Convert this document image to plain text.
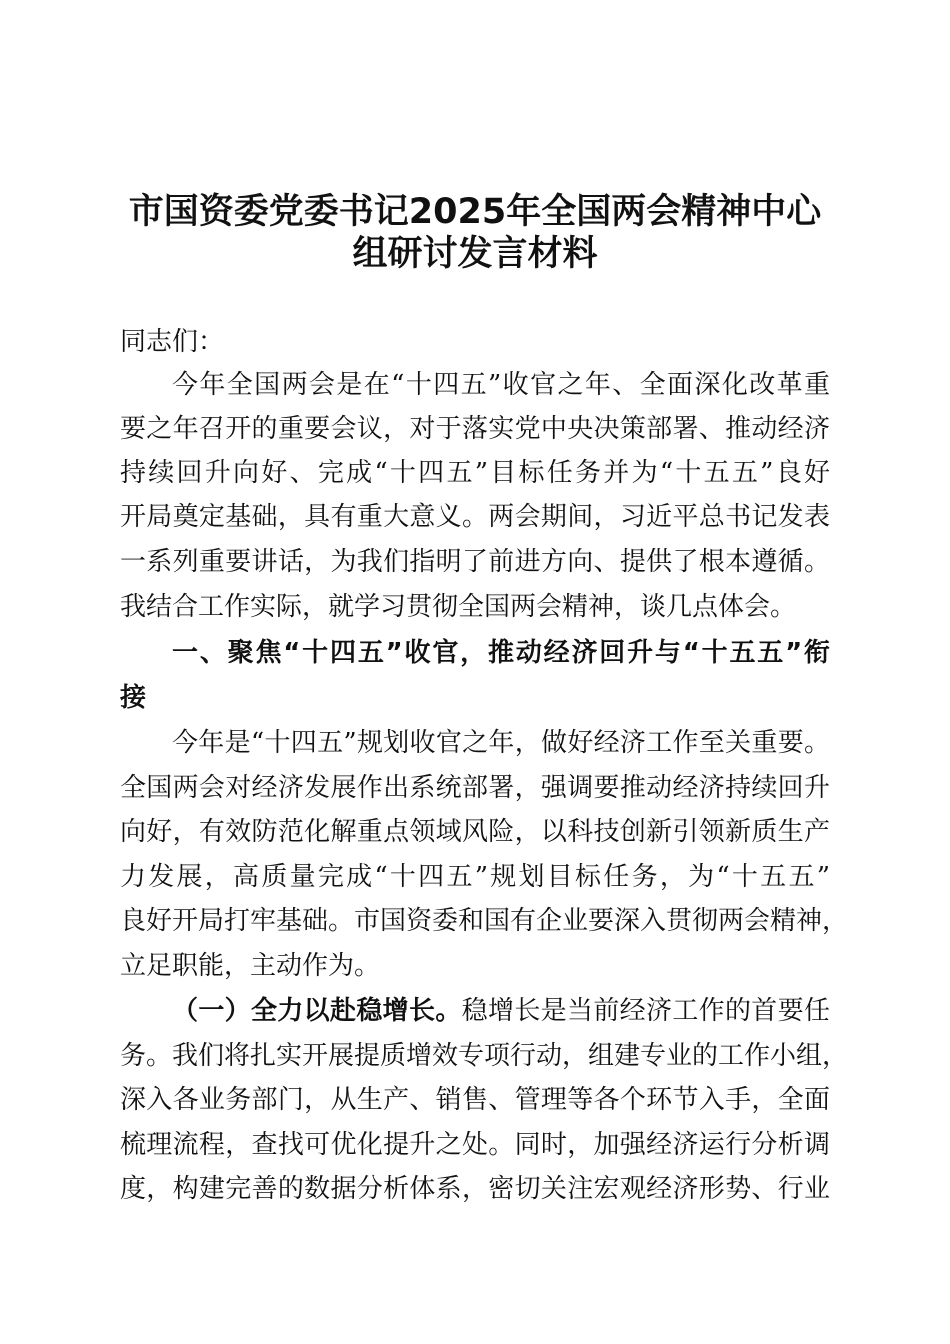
市国资委党委书记2025年全国两会精神中心
组研讨发言材料
同志们：
今年全国两会是在“十四五”收官之年、全面深化改革重
要之年召开的重要会议，对于落实党中央决策部署、推动经济
持续回升向好、完成“十四五”目标任务并为“十五五”良好
开局奠定基础，具有重大意义。两会期间，习近平总书记发表
一系列重要讲话，为我们指明了前进方向、提供了根本遵循。
我结合工作实际，就学习贯彻全国两会精神，谈几点体会。
一、聚焦“十四五”收官，推动经济回升与“十五五”衔
接
今年是“十四五”规划收官之年，做好经济工作至关重要。
全国两会对经济发展作出系统部署，强调要推动经济持续回升
向好，有效防范化解重点领域风险，以科技创新引领新质生产
力发展，高质量完成“十四五”规划目标任务，为“十五五”
良好开局打牢基础。市国资委和国有企业要深入贯彻两会精神，
立足职能，主动作为。
（一）全力以赴稳增长。稳增长是当前经济工作的首要任
务。我们将扎实开展提质增效专项行动，组建专业的工作小组，
深入各业务部门，从生产、销售、管理等各个环节入手，全面
梳理流程，查找可优化提升之处。同时，加强经济运行分析调
度，构建完善的数据分析体系，密切关注宏观经济形势、行业
